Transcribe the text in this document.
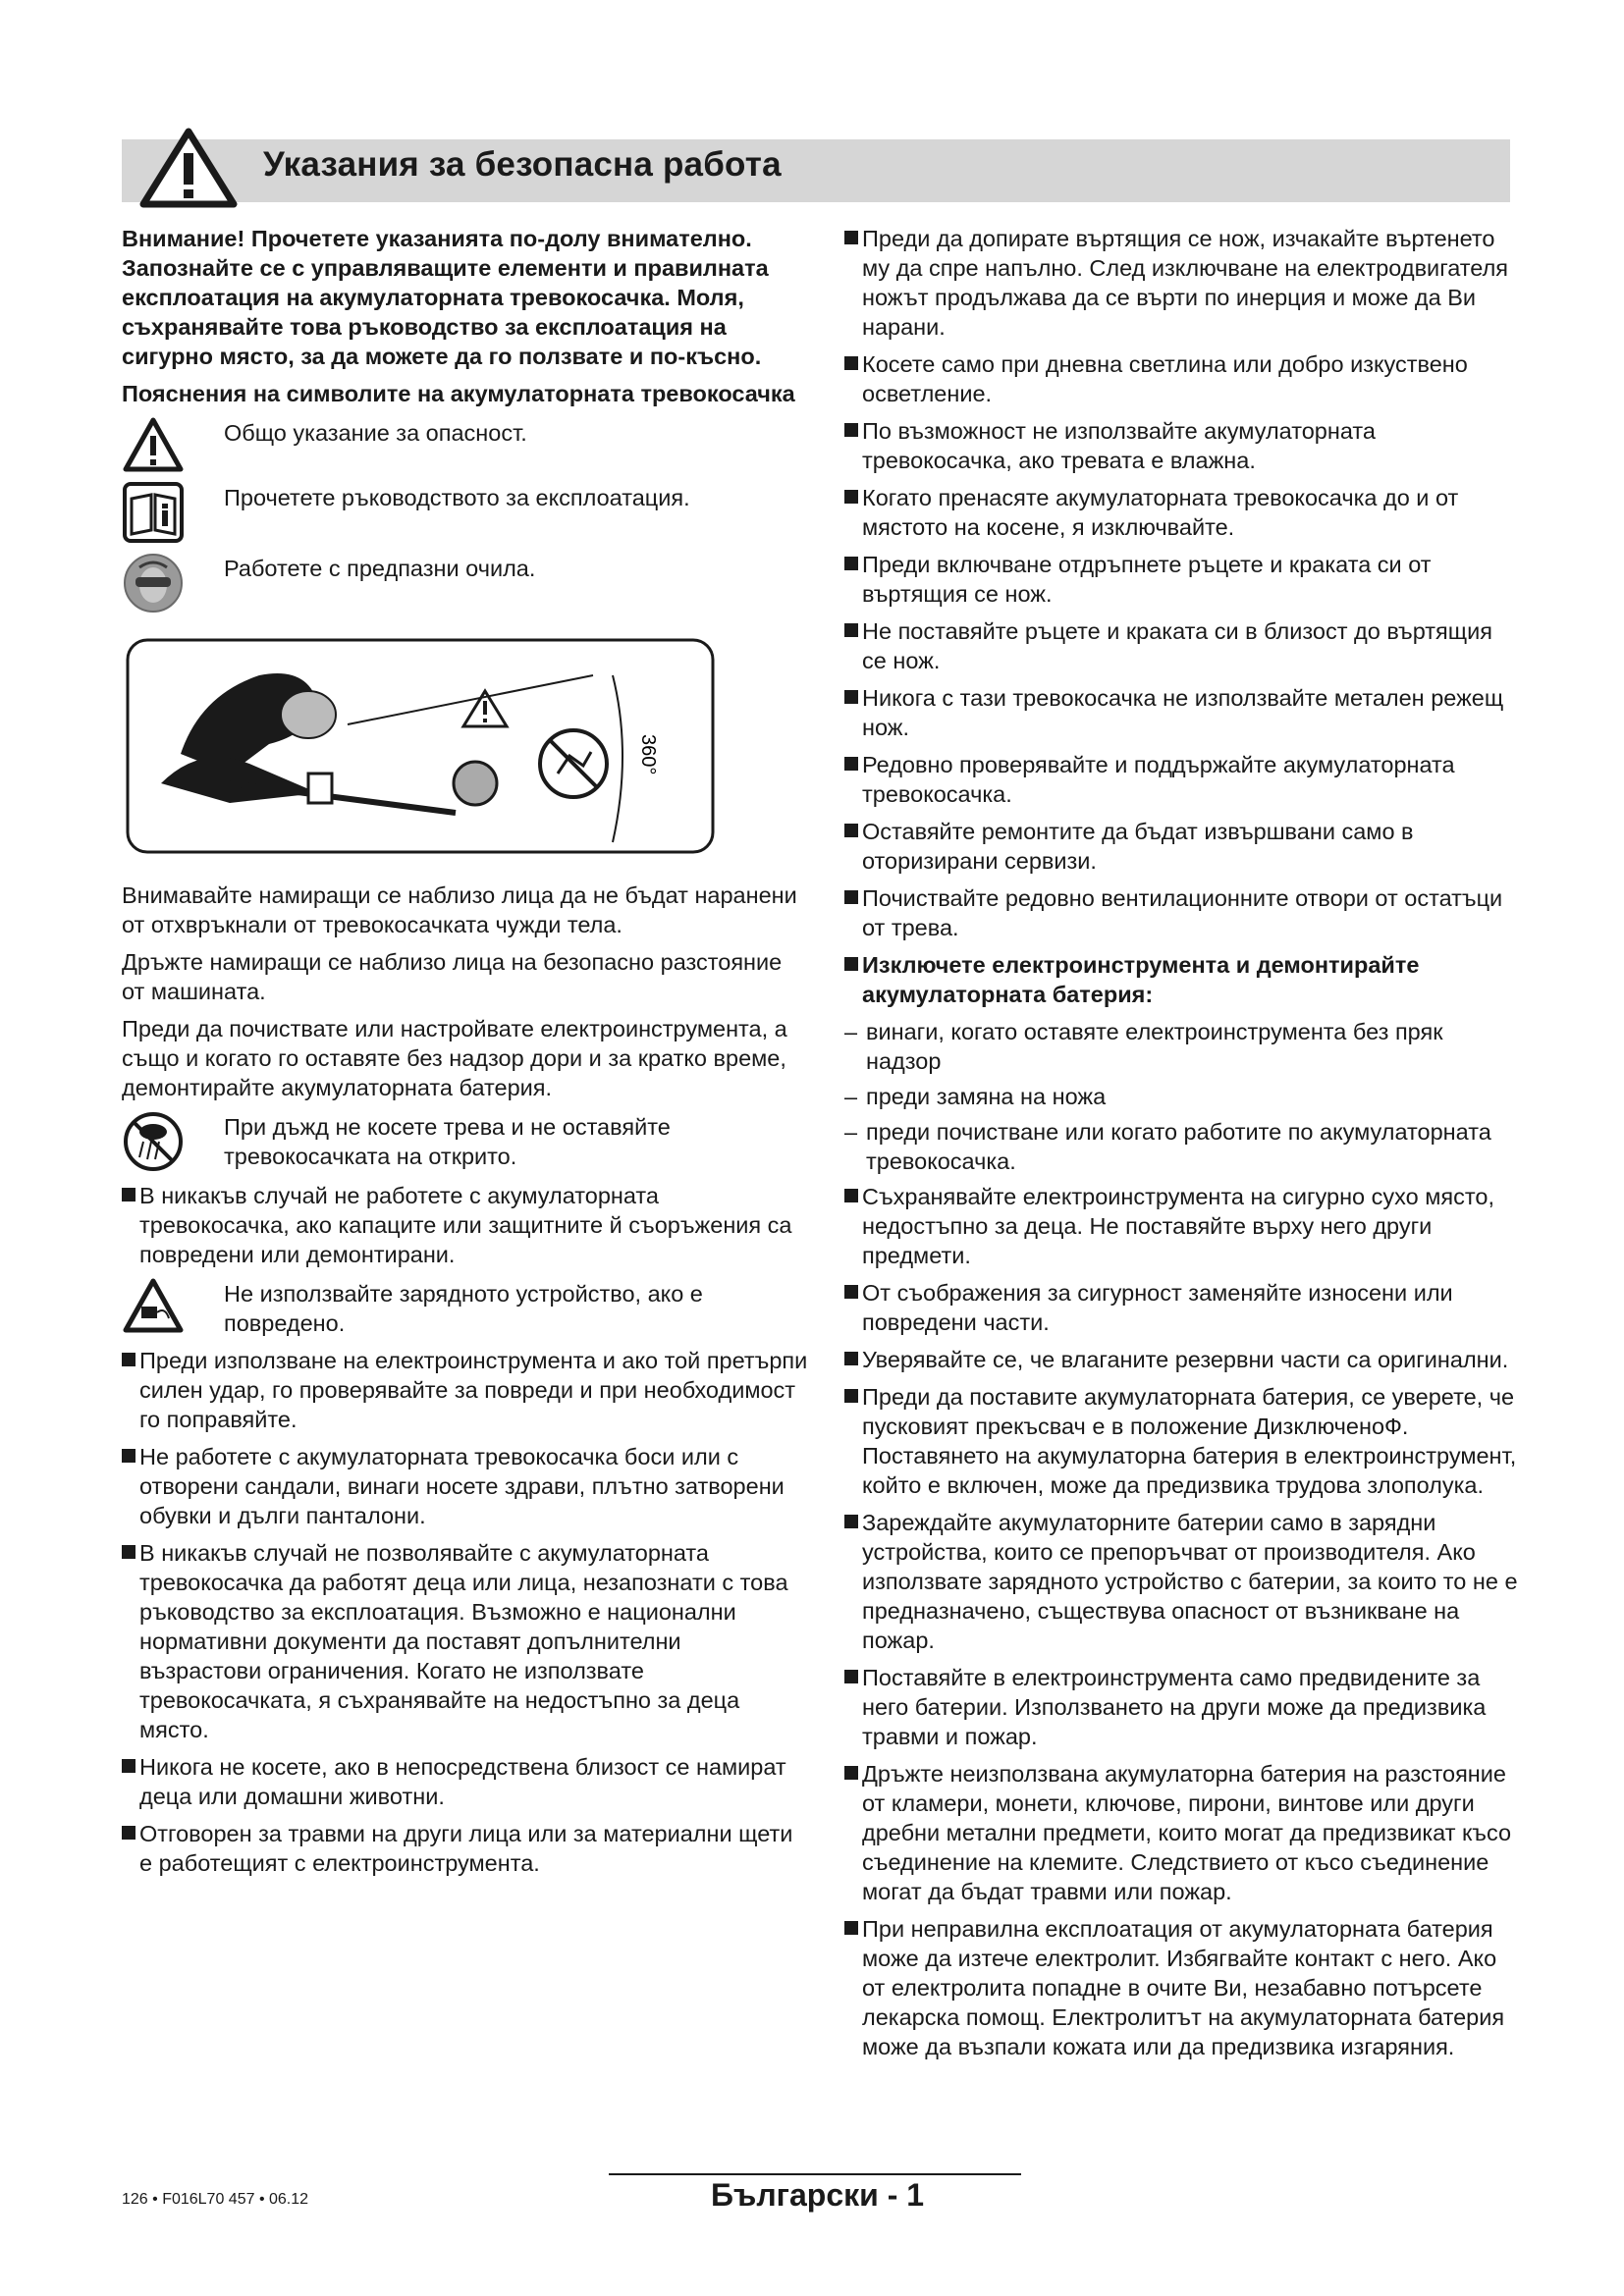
Указания за безопасна работа

Внимание! Прочетете указанията по-долу внимателно. Запознайте се с управляващите елементи и правилната експлоатация на акумулаторната тревокосачка. Моля, съхранявайте това ръководство за експлоатация на сигурно място, за да можете да го ползвате и по-късно.

Пояснения на символите на акумулаторната тревокосачка

Общо указание за опасност.
Прочетете ръководството за експлоатация.
Работете с предпазни очила.
360°

Внимавайте намиращи се наблизо лица да не бъдат наранени от отхвръкнали от тревокосачката чужди тела.

Дръжте намиращи се наблизо лица на безопасно разстояние от машината.

Преди да почиствате или настройвате електроинструмента, а също и когато го оставяте без надзор дори и за кратко време, демонтирайте акумулаторната батерия.

При дъжд не косете трева и не оставяйте тревокосачката на открито.
В никакъв случай не работете с акумулаторната тревокосачка, ако капаците или защитните й съоръжения са повредени или демонтирани.
Не използвайте зарядното устройство, ако е повредено.
Преди използване на електроинструмента и ако той претърпи силен удар, го проверявайте за повреди и при необходимост го поправяйте.
Не работете с акумулаторната тревокосачка боси или с отворени сандали, винаги носете здрави, плътно затворени обувки и дълги панталони.
В никакъв случай не позволявайте с акумулаторната тревокосачка да работят деца или лица, незапознати с това ръководство за експлоатация. Възможно е национални нормативни документи да поставят допълнителни възрастови ограничения. Когато не използвате тревокосачката, я съхранявайте на недостъпно за деца място.
Никога не косете, ако в непосредствена близост се намират деца или домашни животни.
Отговорен за травми на други лица или за материални щети е работещият с електроинструмента.
Преди да допирате въртящия се нож, изчакайте въртенето му да спре напълно. След изключване на електродвигателя ножът продължава да се върти по инерция и може да Ви нарани.
Косете само при дневна светлина или добро изкуствено осветление.
По възможност не използвайте акумулаторната тревокосачка, ако тревата е влажна.
Когато пренасяте акумулаторната тревокосачка до и от мястото на косене, я изключвайте.
Преди включване отдръпнете ръцете и краката си от въртящия се нож.
Не поставяйте ръцете и краката си в близост до въртящия се нож.
Никога с тази тревокосачка не използвайте метален режещ нож.
Редовно проверявайте и поддържайте акумулаторната тревокосачка.
Оставяйте ремонтите да бъдат извършвани само в оторизирани сервизи.
Почиствайте редовно вентилационните отвори от остатъци от трева.
Изключете електроинструмента и демонтирайте акумулаторната батерия:
– винаги, когато оставяте електроинструмента без пряк надзор
– преди замяна на ножа
– преди почистване или когато работите по акумулаторната тревокосачка.
Съхранявайте електроинструмента на сигурно сухо място, недостъпно за деца. Не поставяйте върху него други предмети.
От съображения за сигурност заменяйте износени или повредени части.
Уверявайте се, че влаганите резервни части са оригинални.
Преди да поставите акумулаторната батерия, се уверете, че пусковият прекъсвач е в положение ДизключеноФ. Поставянето на акумулаторна батерия в електроинструмент, който е включен, може да предизвика трудова злополука.
Зареждайте акумулаторните батерии само в зарядни устройства, които се препоръчват от производителя. Ако използвате зарядното устройство с батерии, за които то не е предназначено, съществува опасност от възникване на пожар.
Поставяйте в електроинструмента само предвидените за него батерии. Използването на други може да предизвика травми и пожар.
Дръжте неизползвана акумулаторна батерия на разстояние от кламери, монети, ключове, пирони, винтове или други дребни метални предмети, които могат да предизвикат късо съединение на клемите. Следствието от късо съединение могат да бъдат травми или пожар.
При неправилна експлоатация от акумулаторната батерия може да изтече електролит. Избягвайте контакт с него. Ако от електролита попадне в очите Ви, незабавно потърсете лекарска помощ. Електролитът на акумулаторната батерия може да възпали кожата или да предизвика изгаряния.
126 • F016L70 457 • 06.12	Български - 1
